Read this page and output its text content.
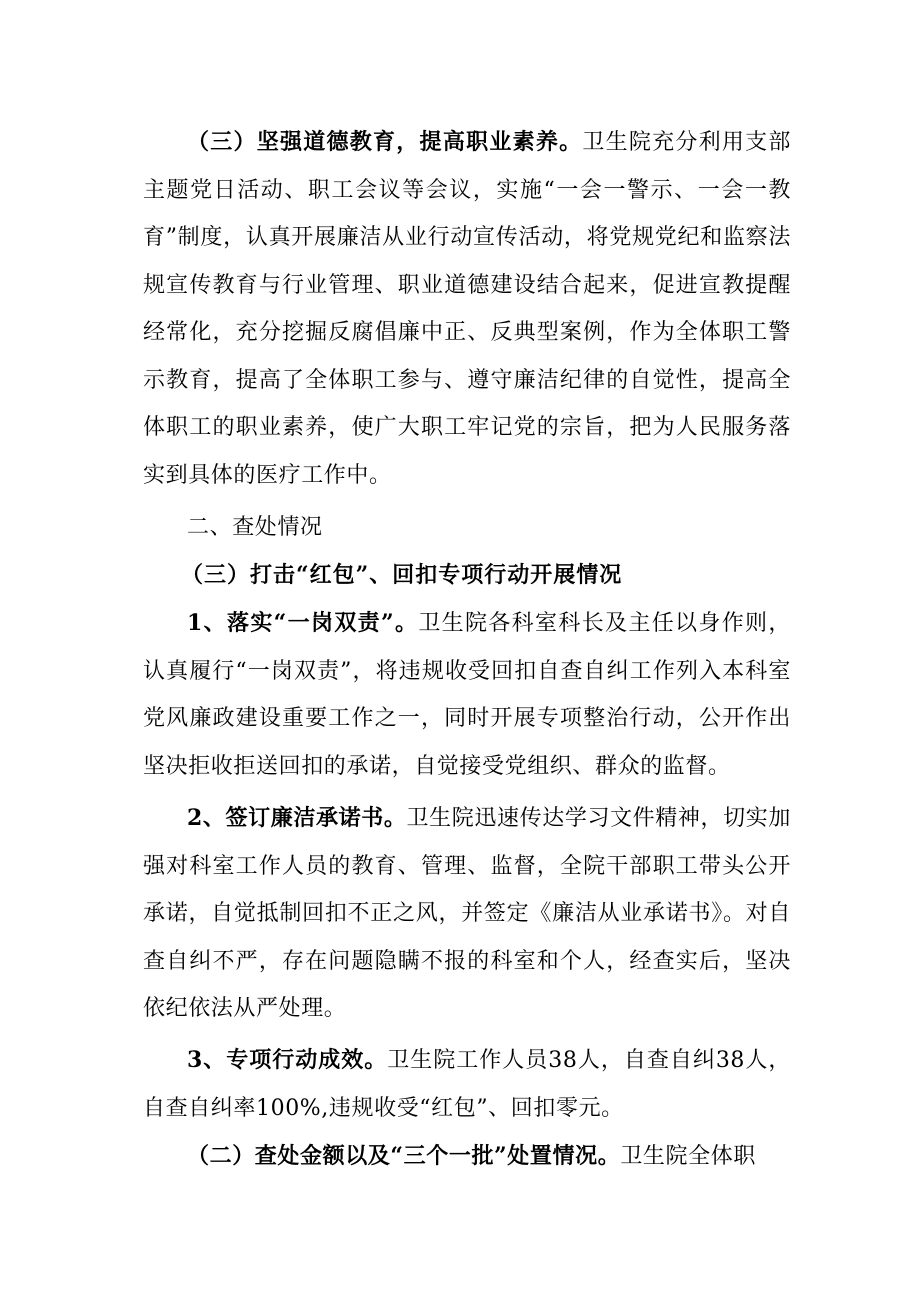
（三）坚强道德教育，提高职业素养。卫生院充分利用支部主题党日活动、职工会议等会议，实施“一会一警示、一会一教育”制度，认真开展廉洁从业行动宣传活动，将党规党纪和监察法规宣传教育与行业管理、职业道德建设结合起来，促进宣教提醒经常化，充分挖掘反腐倡廉中正、反典型案例，作为全体职工警示教育，提高了全体职工参与、遵守廉洁纪律的自觉性，提高全体职工的职业素养，使广大职工牢记党的宗旨，把为人民服务落实到具体的医疗工作中。

二、查处情况
（三）打击“红包”、回扣专项行动开展情况

1、落实“一岗双责”。卫生院各科室科长及主任以身作则，认真履行“一岗双责”，将违规收受回扣自查自纠工作列入本科室党风廉政建设重要工作之一，同时开展专项整治行动，公开作出坚决拒收拒送回扣的承诺，自觉接受党组织、群众的监督。

2、签订廉洁承诺书。卫生院迅速传达学习文件精神，切实加强对科室工作人员的教育、管理、监督，全院干部职工带头公开承诺，自觉抵制回扣不正之风，并签定《廉洁从业承诺书》。对自查自纠不严，存在问题隐瞒不报的科室和个人，经查实后，坚决依纪依法从严处理。

3、专项行动成效。卫生院工作人员38人，自查自纠38人，自查自纠率100%,违规收受“红包”、回扣零元。

（二）查处金额以及“三个一批”处置情况。卫生院全体职
